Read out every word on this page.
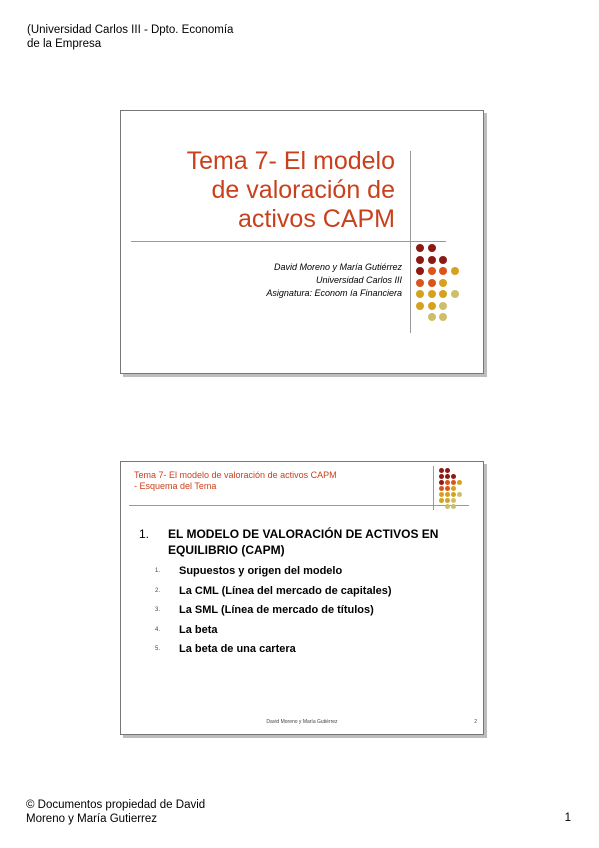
(Universidad Carlos III - Dpto. Economía
de la Empresa
Tema 7- El modelo
de valoración de
activos CAPM
David Moreno y María Gutiérrez
Universidad Carlos III
Asignatura: Econom ía Financiera
Tema 7- El modelo de valoración de activos CAPM
- Esquema del Tema
1. EL MODELO DE VALORACIÓN DE ACTIVOS EN EQUILIBRIO (CAPM)
1. Supuestos y origen del modelo
2. La CML (Línea del mercado de capitales)
3. La SML (Línea de mercado de títulos)
4. La beta
5. La beta de una cartera
David Moreno y María Gutiérrez	2
© Documentos propiedad de David
Moreno y María Gutierrez	1
